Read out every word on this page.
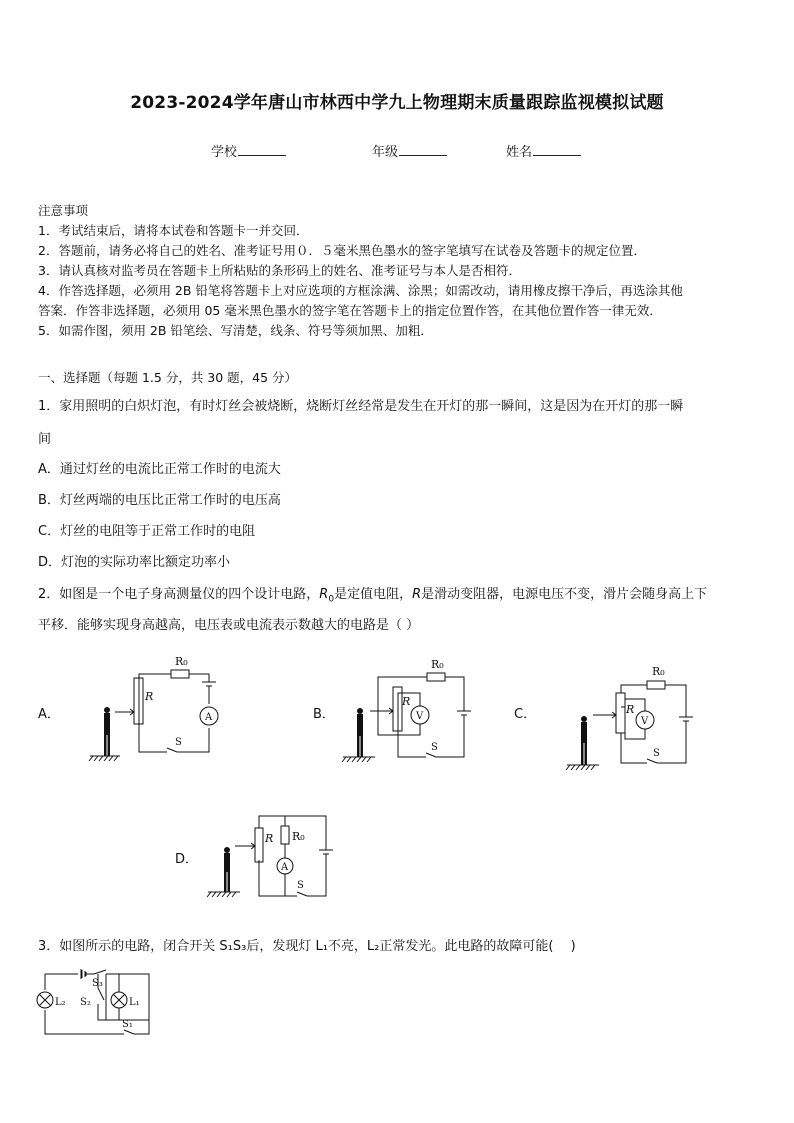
2023-2024学年唐山市林西中学九上物理期末质量跟踪监视模拟试题
学校	年级	姓名
注意事项
1．考试结束后，请将本试卷和答题卡一并交回．
2．答题前，请务必将自己的姓名、准考证号用０．５毫米黑色墨水的签字笔填写在试卷及答题卡的规定位置．
3．请认真核对监考员在答题卡上所粘贴的条形码上的姓名、准考证号与本人是否相符．
4．作答选择题，必须用 2B 铅笔将答题卡上对应选项的方框涂满、涂黑；如需改动，请用橡皮擦干净后，再选涂其他
答案．作答非选择题，必须用 05 毫米黑色墨水的签字笔在答题卡上的指定位置作答，在其他位置作答一律无效．
5．如需作图，须用 2B 铅笔绘、写清楚，线条、符号等须加黑、加粗．
一、选择题（每题 1.5 分，共 30 题，45 分）
1．家用照明的白炽灯泡，有时灯丝会被烧断，烧断灯丝经常是发生在开灯的那一瞬间，这是因为在开灯的那一瞬
间
A．通过灯丝的电流比正常工作时的电流大
B．灯丝两端的电压比正常工作时的电压高
C．灯丝的电阻等于正常工作时的电阻
D．灯泡的实际功率比额定功率小
2．如图是一个电子身高测量仪的四个设计电路，$R_0$是定值电阻，R是滑动变阻器，电源电压不变，滑片会随身高上下
平移．能够实现身高越高，电压表或电流表示数越大的电路是（ ）
A．	B．	C．
D．
R₀
R
S
A
R₀
R
S
V
R₀
R
S
V
R₀
R
S
A
3．如图所示的电路，闭合开关 S₁S₃后，发现灯 L₁不亮，L₂正常发光。此电路的故障可能(　 )
S₃
L₂ S₂	L₁
S₁
